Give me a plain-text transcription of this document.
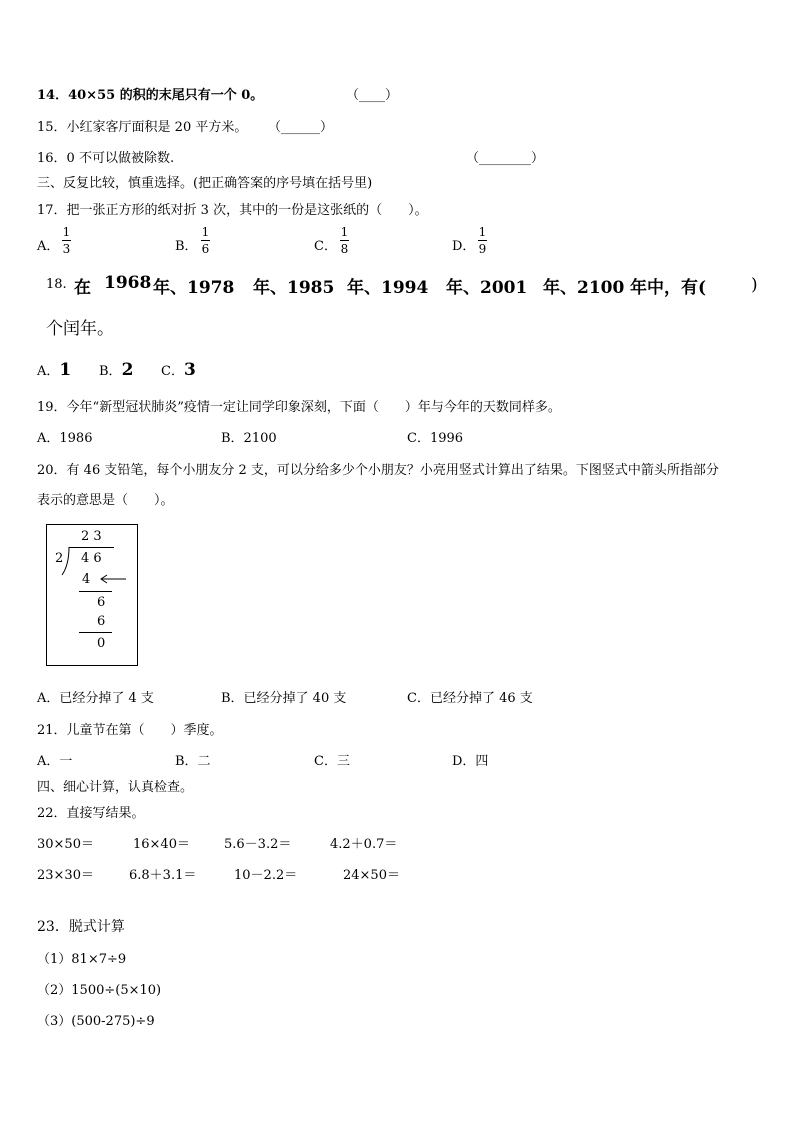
14．40×55 的积的末尾只有一个 0。	（____）
15．小红家客厅面积是 20 平方米。 （______）
16．0 不可以做被除数.	（________）
三、反复比较，慎重选择。(把正确答案的序号填在括号里)
17．把一张正方形的纸对折 3 次，其中的一份是这张纸的（　　）。
A．
1
3	B．
1
6	C．
1
8	D．
1
9
18. 在 1968 年、1978 年、1985 年、1994 年、2001 年、2100 年中，有(	)
个闰年。
A．1 B．2 C．3
19．今年“新型冠状肺炎”疫情一定让同学印象深刻，下面（　　）年与今年的天数同样多。
A．1986	B．2100	C．1996
20．有 46 支铅笔，每个小朋友分 2 支，可以分给多少个小朋友？小亮用竖式计算出了结果。下图竖式中箭头所指部分
表示的意思是（　　）。
2 3
2 4 6
4
6
6
0
A．已经分掉了 4 支	B．已经分掉了 40 支	C．已经分掉了 46 支
21．儿童节在第（　　）季度。
A．一	B．二	C．三	D．四
四、细心计算，认真检查。
22．直接写结果。
30×50＝	16×40＝	5.6－3.2＝	4.2＋0.7＝
23×30＝	6.8＋3.1＝	10－2.2＝	24×50＝
23．脱式计算
（1）81×7÷9
（2）1500÷(5×10)
（3）(500-275)÷9
